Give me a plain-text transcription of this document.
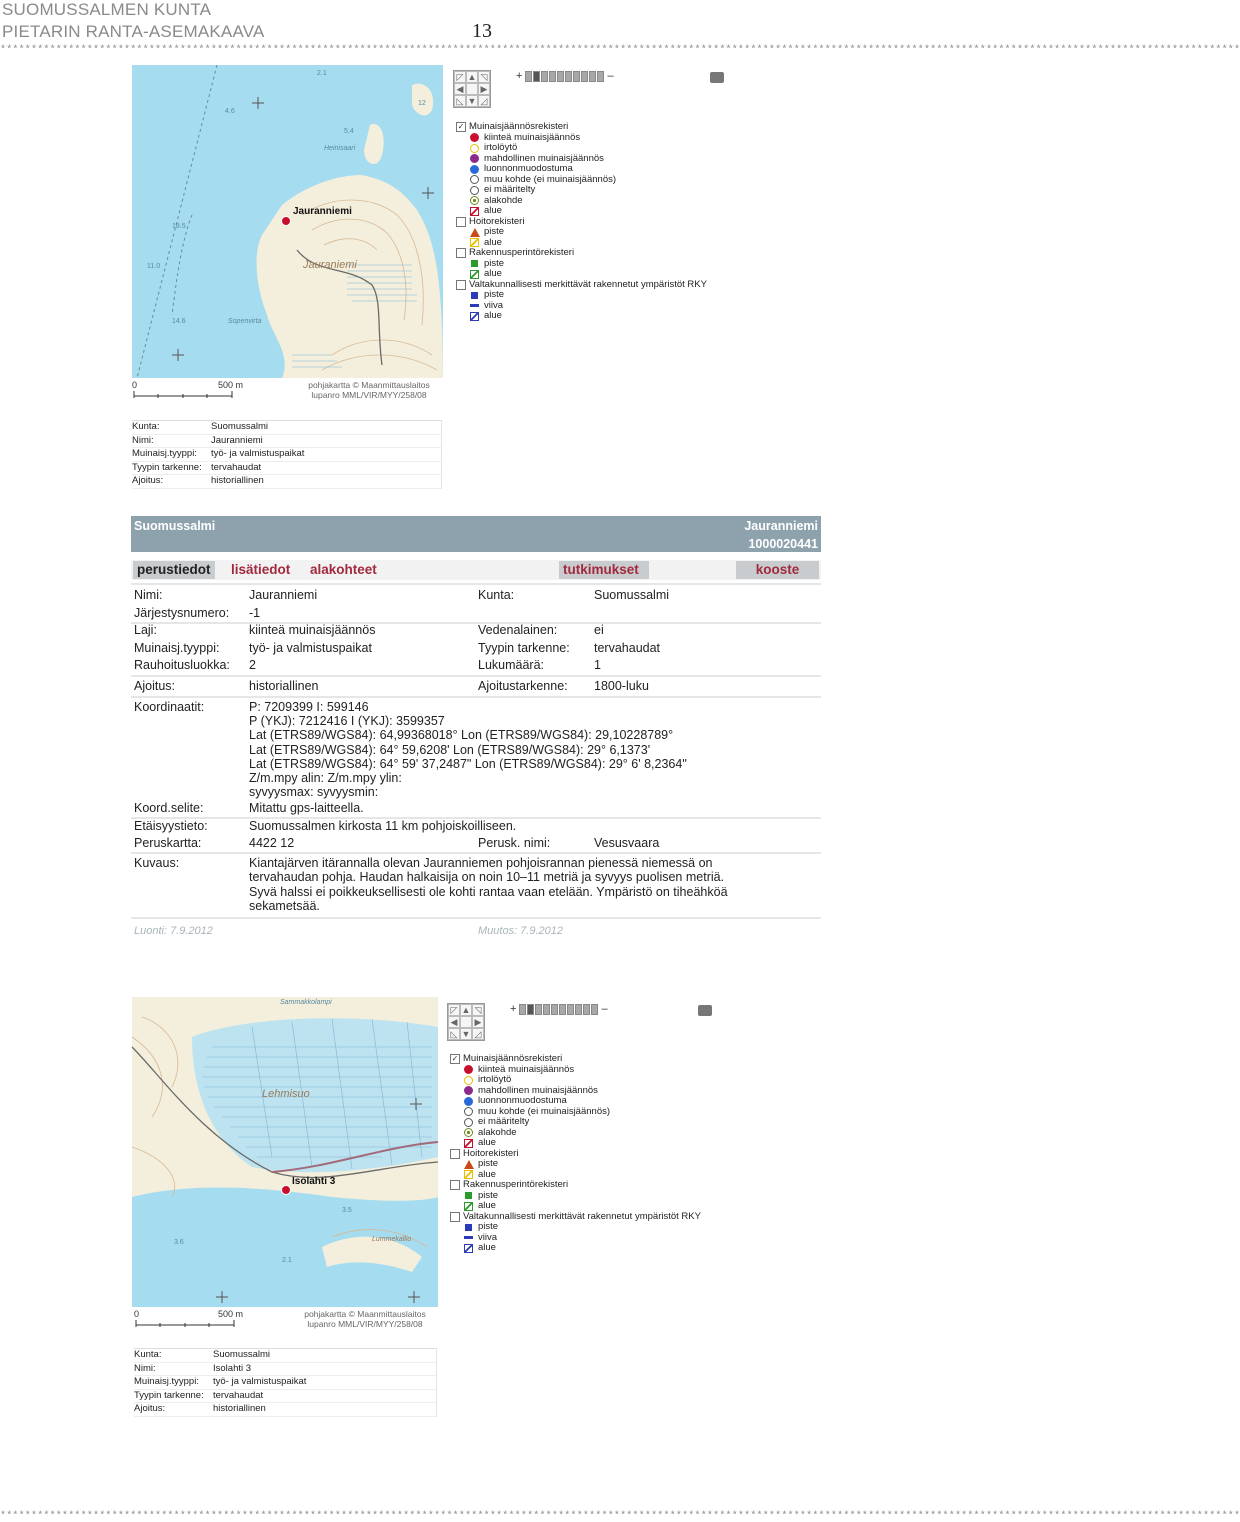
SUOMUSSALMEN KUNTA
PIETARIN RANTA-ASEMAKAAVA	13
********************************************************************************************************************************************************************************************************
Jauranniemi
Jauraniemi
Heinisaari
Sopenvirta
4.6
5.4
18.5
11.0
14.6
12
2.1
0	500 m	pohjakartta © Maanmittauslaitos
lupanro MML/VIR/MYY/258/08
◸ ▲ ◹
◀ ▶
◺ ▼ ◿
+	–
✓ Muinaisjäännösrekisteri
kiinteä muinaisjäännös
irtolöytö
mahdollinen muinaisjäännös
luonnonmuodostuma
muu kohde (ei muinaisjäännös)
ei määritelty
alakohde
alue
Hoitorekisteri
piste
alue
Rakennusperintörekisteri
piste
alue
Valtakunnallisesti merkittävät rakennetut ympäristöt RKY
piste
viiva
alue
Kunta:	Suomussalmi
Nimi:	Jauranniemi
Muinaisj.tyyppi:	työ- ja valmistuspaikat
Tyypin tarkenne: tervahaudat
Ajoitus:	historiallinen
Suomussalmi	Jauranniemi
1000020441
perustiedot lisätiedot alakohteet	tutkimukset	kooste
Nimi:	Jauranniemi	Kunta:	Suomussalmi
Järjestysnumero: -1
Laji:	kiinteä muinaisjäännös	Vedenalainen:	ei
Muinaisj.tyyppi: työ- ja valmistuspaikat	Tyypin tarkenne: tervahaudat
Rauhoitusluokka: 2	Lukumäärä:	1
Ajoitus:	historiallinen	Ajoitustarkenne: 1800-luku
Koordinaatit:	P: 7209399 I: 599146
P (YKJ): 7212416 I (YKJ): 3599357
Lat (ETRS89/WGS84): 64,99368018° Lon (ETRS89/WGS84): 29,10228789°
Lat (ETRS89/WGS84): 64° 59,6208' Lon (ETRS89/WGS84): 29° 6,1373'
Lat (ETRS89/WGS84): 64° 59' 37,2487" Lon (ETRS89/WGS84): 29° 6' 8,2364"
Z/m.mpy alin: Z/m.mpy ylin:
syvyysmax: syvyysmin:
Koord.selite:	Mitattu gps-laitteella.
Etäisyystieto:	Suomussalmen kirkosta 11 km pohjoiskoilliseen.
Peruskartta:	4422 12	Perusk. nimi:	Vesusvaara
Kuvaus:	Kiantajärven itärannalla olevan Jauranniemen pohjoisrannan pienessä niemessä on
tervahaudan pohja. Haudan halkaisija on noin 10–11 metriä ja syvyys puolisen metriä.
Syvä halssi ei poikkeuksellisesti ole kohti rantaa vaan etelään. Ympäristö on tiheähköä
sekametsää.
Luonti: 7.9.2012	Muutos: 7.9.2012
Isolahti 3
Lehmisuo
Sammakkolampi
Lummekallio
3.6
3.5
2.1
0	500 m	pohjakartta © Maanmittauslaitos
lupanro MML/VIR/MYY/258/08
◸ ▲ ◹
◀ ▶
◺ ▼ ◿
+	–
✓ Muinaisjäännösrekisteri
kiinteä muinaisjäännös
irtolöytö
mahdollinen muinaisjäännös
luonnonmuodostuma
muu kohde (ei muinaisjäännös)
ei määritelty
alakohde
alue
Hoitorekisteri
piste
alue
Rakennusperintörekisteri
piste
alue
Valtakunnallisesti merkittävät rakennetut ympäristöt RKY
piste
viiva
alue
Kunta:	Suomussalmi
Nimi:	Isolahti 3
Muinaisj.tyyppi:	työ- ja valmistuspaikat
Tyypin tarkenne: tervahaudat
Ajoitus:	historiallinen
********************************************************************************************************************************************************************************************************
